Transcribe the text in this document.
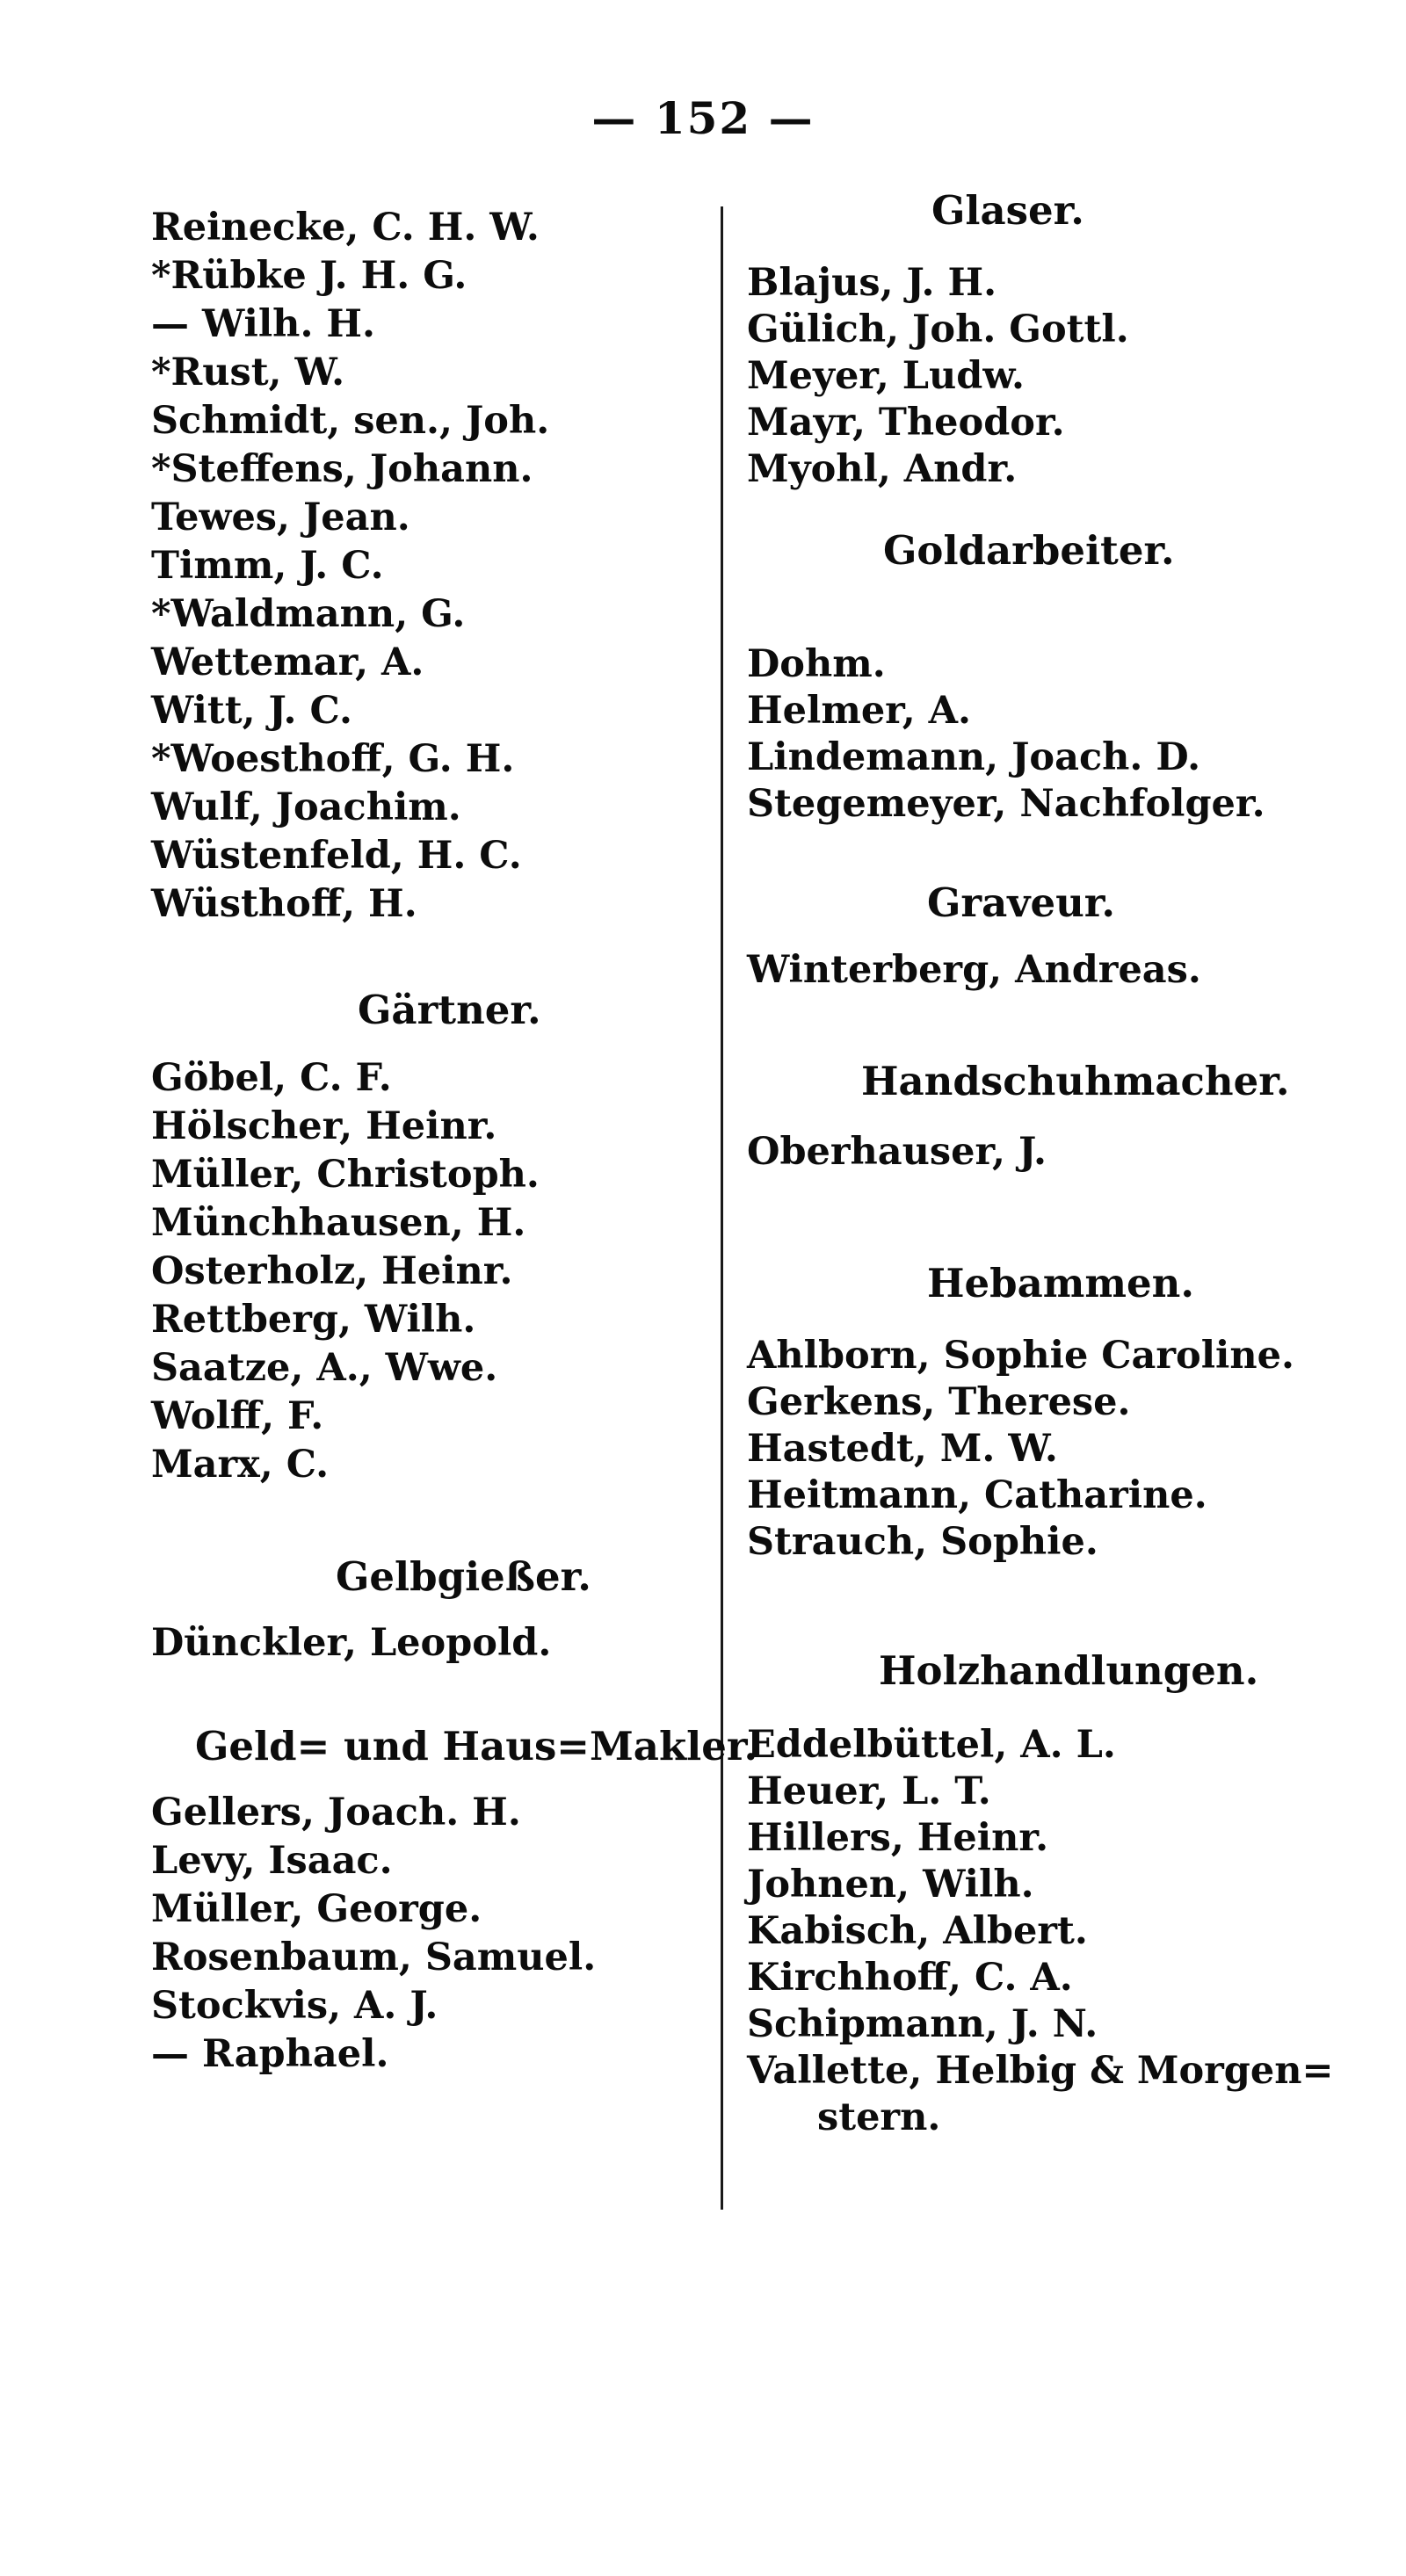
— 152 —
Reinecke, C. H. W.
*Rübke J. H. G.
— Wilh. H.
*Rust, W.
Schmidt, sen., Joh.
*Steffens, Johann.
Tewes, Jean.
Timm, J. C.
*Waldmann, G.
Wettemar, A.
Witt, J. C.
*Woesthoff, G. H.
Wulf, Joachim.
Wüstenfeld, H. C.
Wüsthoff, H.
Gärtner.
Göbel, C. F.
Hölscher, Heinr.
Müller, Christoph.
Münchhausen, H.
Osterholz, Heinr.
Rettberg, Wilh.
Saatze, A., Wwe.
Wolff, F.
Marx, C.
Gelbgießer.
Dünckler, Leopold.
Geld= und Haus=Makler.
Gellers, Joach. H.
Levy, Isaac.
Müller, George.
Rosenbaum, Samuel.
Stockvis, A. J.
— Raphael.
Glaser.
Blajus, J. H.
Gülich, Joh. Gottl.
Meyer, Ludw.
Mayr, Theodor.
Myohl, Andr.
Goldarbeiter.
Dohm.
Helmer, A.
Lindemann, Joach. D.
Stegemeyer, Nachfolger.
Graveur.
Winterberg, Andreas.
Handschuhmacher.
Oberhauser, J.
Hebammen.
Ahlborn, Sophie Caroline.
Gerkens, Therese.
Hastedt, M. W.
Heitmann, Catharine.
Strauch, Sophie.
Holzhandlungen.
Eddelbüttel, A. L.
Heuer, L. T.
Hillers, Heinr.
Johnen, Wilh.
Kabisch, Albert.
Kirchhoff, C. A.
Schipmann, J. N.
Vallette, Helbig & Morgen=
stern.
